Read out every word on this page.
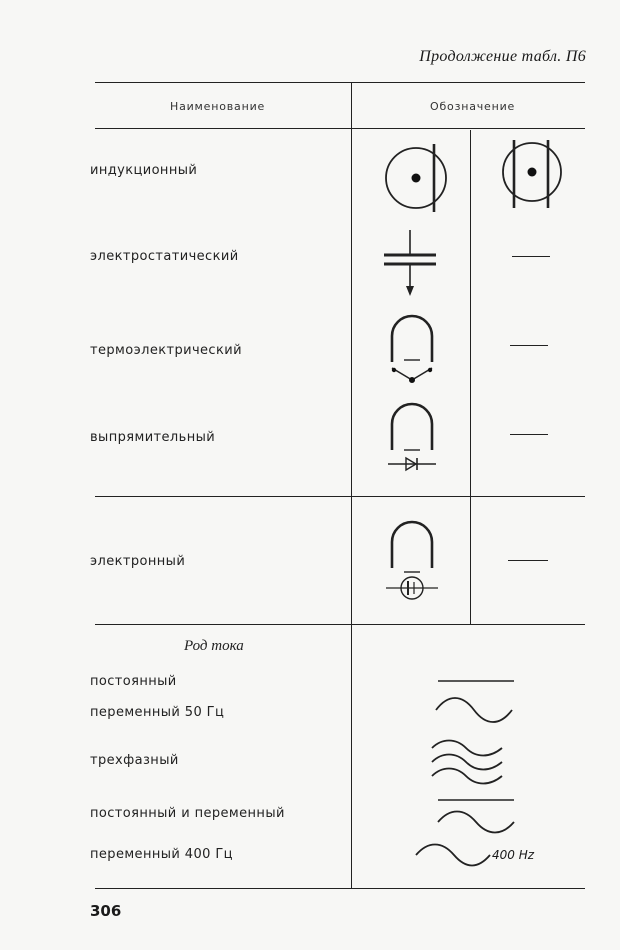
Продолжение табл. П6
Наименование	Обозначение
индукционный
электростатический
термоэлектрический
выпрямительный
электронный
Род тока
постоянный
переменный 50 Гц
трехфазный
постоянный и переменный
переменный 400 Гц	400 Hz
306
